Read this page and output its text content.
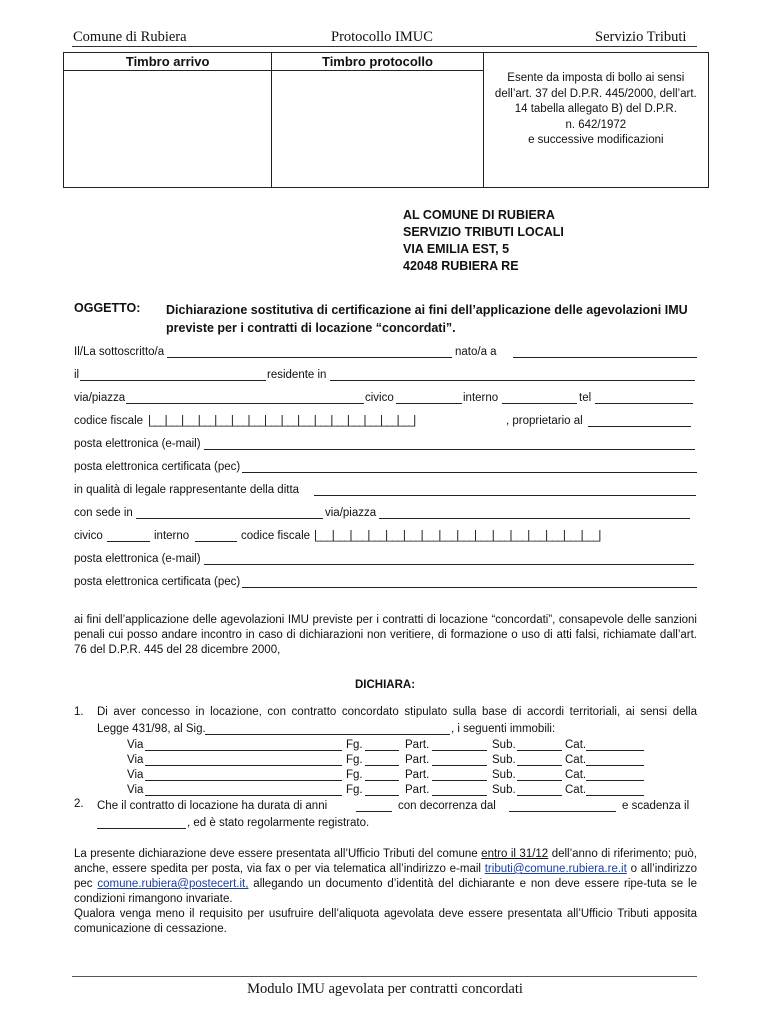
Comune di Rubiera	Protocollo IMUC	Servizio Tributi
Timbro arrivo	Timbro protocollo	Esente da imposta di bollo ai sensi
dell’art. 37 del D.P.R. 445/2000, dell’art.
14 tabella allegato B) del D.P.R.
n. 642/1972
e successive modificazioni

AL COMUNE DI RUBIERA
SERVIZIO TRIBUTI LOCALI
VIA EMILIA EST, 5
42048 RUBIERA RE
OGGETTO: Dichiarazione sostitutiva di certificazione ai fini dell’applicazione delle agevolazioni IMU previste per i contratti di locazione “concordati”.
Il/La sottoscritto/a	nato/a a
il	residente in
via/piazza	civico	interno	tel
codice fiscale |___|___|___|___|___|___|___|___|___|___|___|___|___|___|___|___|	, proprietario al
posta elettronica (e-mail)
posta elettronica certificata (pec)
in qualità di legale rappresentante della ditta
con sede in	via/piazza
civico	interno	codice fiscale |___|___|___|___|___|___|___|___|___|___|___|___|___|___|___|___|
posta elettronica (e-mail)
posta elettronica certificata (pec)
ai fini dell’applicazione delle agevolazioni IMU previste per i contratti di locazione “concordati”, consapevole delle sanzioni penali cui posso andare incontro in caso di dichiarazioni non veritiere, di formazione o uso di atti falsi, richiamate dall’art. 76 del D.P.R. 445 del 28 dicembre 2000,
DICHIARA:
1. Di aver concesso in locazione, con contratto concordato stipulato sulla base di accordi territoriali, ai sensi della
Legge 431/98, al Sig.	, i seguenti immobili:
Via	Fg.	Part.	Sub.	Cat.
Via	Fg.	Part.	Sub.	Cat.
Via	Fg.	Part.	Sub.	Cat.
Via	Fg.	Part.	Sub.	Cat.
2. Che il contratto di locazione ha durata di anni	con decorrenza dal	e scadenza il
, ed è stato regolarmente registrato.
La presente dichiarazione deve essere presentata all’Ufficio Tributi del comune entro il 31/12 dell’anno di riferimento; può, anche, essere spedita per posta, via fax o per via telematica all’indirizzo e-mail tributi@comune.rubiera.re.it o all’indirizzo pec comune.rubiera@postecert.it, allegando un documento d’identità del dichiarante e non deve essere ripe-tuta se le condizioni rimangono invariate.
Qualora venga meno il requisito per usufruire dell’aliquota agevolata deve essere presentata all’Ufficio Tributi apposita comunicazione di cessazione.
Modulo IMU agevolata per contratti concordati
